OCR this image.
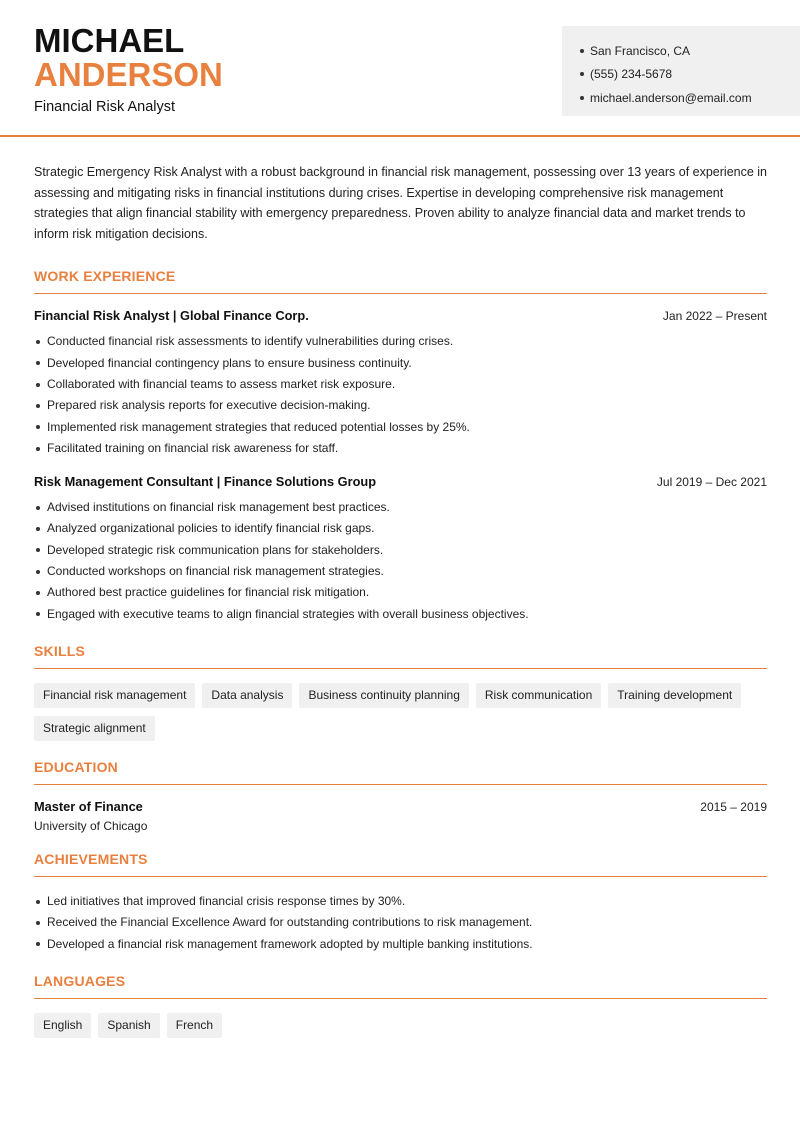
MICHAEL
ANDERSON
Financial Risk Analyst
San Francisco, CA
(555) 234-5678
michael.anderson@email.com

Strategic Emergency Risk Analyst with a robust background in financial risk management, possessing over 13 years of experience in assessing and mitigating risks in financial institutions during crises. Expertise in developing comprehensive risk management strategies that align financial stability with emergency preparedness. Proven ability to analyze financial data and market trends to inform risk mitigation decisions.

WORK EXPERIENCE
Financial Risk Analyst | Global Finance Corp.	Jan 2022 – Present
Conducted financial risk assessments to identify vulnerabilities during crises.
Developed financial contingency plans to ensure business continuity.
Collaborated with financial teams to assess market risk exposure.
Prepared risk analysis reports for executive decision-making.
Implemented risk management strategies that reduced potential losses by 25%.
Facilitated training on financial risk awareness for staff.
Risk Management Consultant | Finance Solutions Group	Jul 2019 – Dec 2021
Advised institutions on financial risk management best practices.
Analyzed organizational policies to identify financial risk gaps.
Developed strategic risk communication plans for stakeholders.
Conducted workshops on financial risk management strategies.
Authored best practice guidelines for financial risk mitigation.
Engaged with executive teams to align financial strategies with overall business objectives.
SKILLS
Financial risk management	Data analysis	Business continuity planning	Risk communication	Training development
Strategic alignment
EDUCATION
Master of Finance	2015 – 2019
University of Chicago
ACHIEVEMENTS
Led initiatives that improved financial crisis response times by 30%.
Received the Financial Excellence Award for outstanding contributions to risk management.
Developed a financial risk management framework adopted by multiple banking institutions.
LANGUAGES
English	Spanish	French
